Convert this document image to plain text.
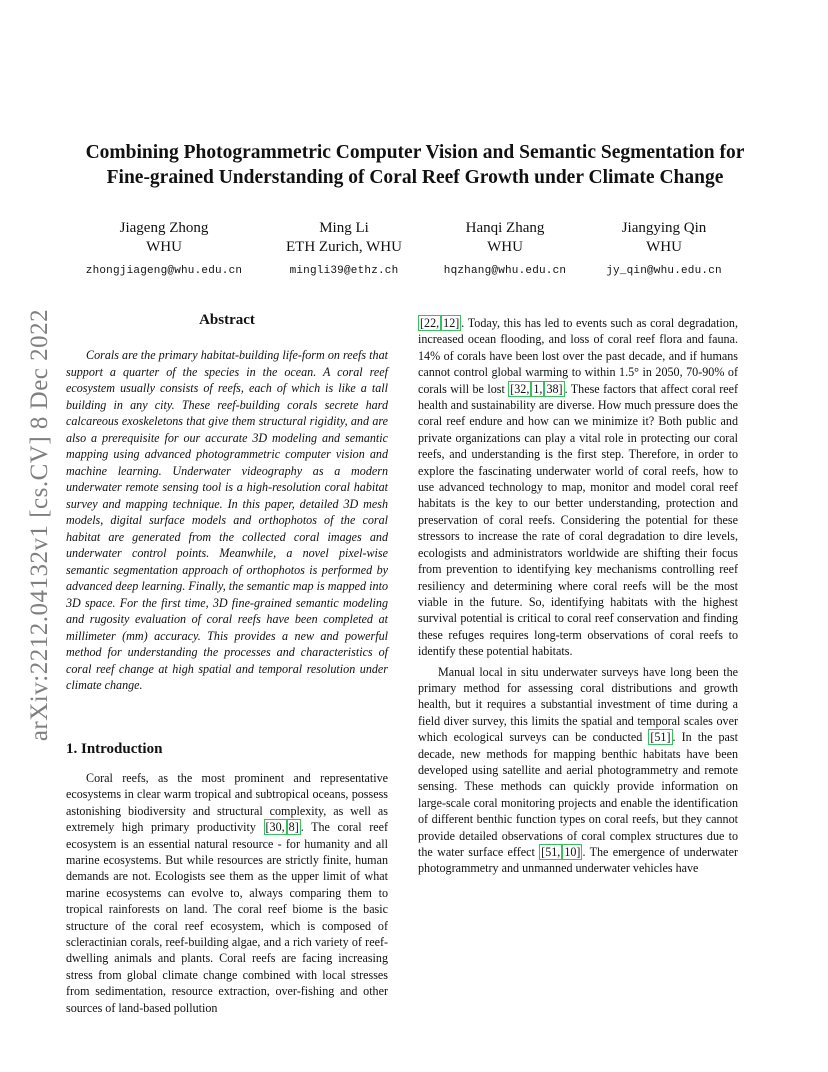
arXiv:2212.04132v1 [cs.CV] 8 Dec 2022
Combining Photogrammetric Computer Vision and Semantic Segmentation for
Fine-grained Understanding of Coral Reef Growth under Climate Change
Jiageng Zhong
WHU
zhongjiageng@whu.edu.cn
Ming Li
ETH Zurich, WHU
mingli39@ethz.ch
Hanqi Zhang
WHU
hqzhang@whu.edu.cn
Jiangying Qin
WHU
jy_qin@whu.edu.cn
Abstract

Corals are the primary habitat-building life-form on reefs that support a quarter of the species in the ocean. A coral reef ecosystem usually consists of reefs, each of which is like a tall building in any city. These reef-building corals secrete hard calcareous exoskeletons that give them structural rigidity, and are also a prerequisite for our accurate 3D modeling and semantic mapping using advanced photogrammetric computer vision and machine learning. Underwater videography as a modern underwater remote sensing tool is a high-resolution coral habitat survey and mapping technique. In this paper, detailed 3D mesh models, digital surface models and orthophotos of the coral habitat are generated from the collected coral images and underwater control points. Meanwhile, a novel pixel-wise semantic segmentation approach of orthophotos is performed by advanced deep learning. Finally, the semantic map is mapped into 3D space. For the first time, 3D fine-grained semantic modeling and rugosity evaluation of coral reefs have been completed at millimeter (mm) accuracy. This provides a new and powerful method for understanding the processes and characteristics of coral reef change at high spatial and temporal resolution under climate change.

1. Introduction

Coral reefs, as the most prominent and representative ecosystems in clear warm tropical and subtropical oceans, possess astonishing biodiversity and structural complexity, as well as extremely high primary productivity [30, 8] . The coral reef ecosystem is an essential natural resource - for humanity and all marine ecosystems. But while resources are strictly finite, human demands are not. Ecologists see them as the upper limit of what marine ecosystems can evolve to, always comparing them to tropical rainforests on land. The coral reef biome is the basic structure of the coral reef ecosystem, which is composed of scleractinian corals, reef-building algae, and a rich variety of reef-dwelling animals and plants. Coral reefs are facing increasing stress from global climate change combined with local stresses from sedimentation, resource extraction, over-fishing and other sources of land-based pollution

[22, 12] . Today, this has led to events such as coral degradation, increased ocean flooding, and loss of coral reef flora and fauna. 14% of corals have been lost over the past decade, and if humans cannot control global warming to within 1.5° in 2050, 70-90% of corals will be lost [32, 1, 38] . These factors that affect coral reef health and sustainability are diverse. How much pressure does the coral reef endure and how can we minimize it? Both public and private organizations can play a vital role in protecting our coral reefs, and understanding is the first step. Therefore, in order to explore the fascinating underwater world of coral reefs, how to use advanced technology to map, monitor and model coral reef habitats is the key to our better understanding, protection and preservation of coral reefs. Considering the potential for these stressors to increase the rate of coral degradation to dire levels, ecologists and administrators worldwide are shifting their focus from prevention to identifying key mechanisms controlling reef resiliency and determining where coral reefs will be the most viable in the future. So, identifying habitats with the highest survival potential is critical to coral reef conservation and finding these refuges requires long-term observations of coral reefs to identify these potential habitats.

Manual local in situ underwater surveys have long been the primary method for assessing coral distributions and growth health, but it requires a substantial investment of time during a field diver survey, this limits the spatial and temporal scales over which ecological surveys can be conducted [51] . In the past decade, new methods for mapping benthic habitats have been developed using satellite and aerial photogrammetry and remote sensing. These methods can quickly provide information on large-scale coral monitoring projects and enable the identification of different benthic function types on coral reefs, but they cannot provide detailed observations of coral complex structures due to the water surface effect [51, 10] . The emergence of underwater photogrammetry and unmanned underwater vehicles have
